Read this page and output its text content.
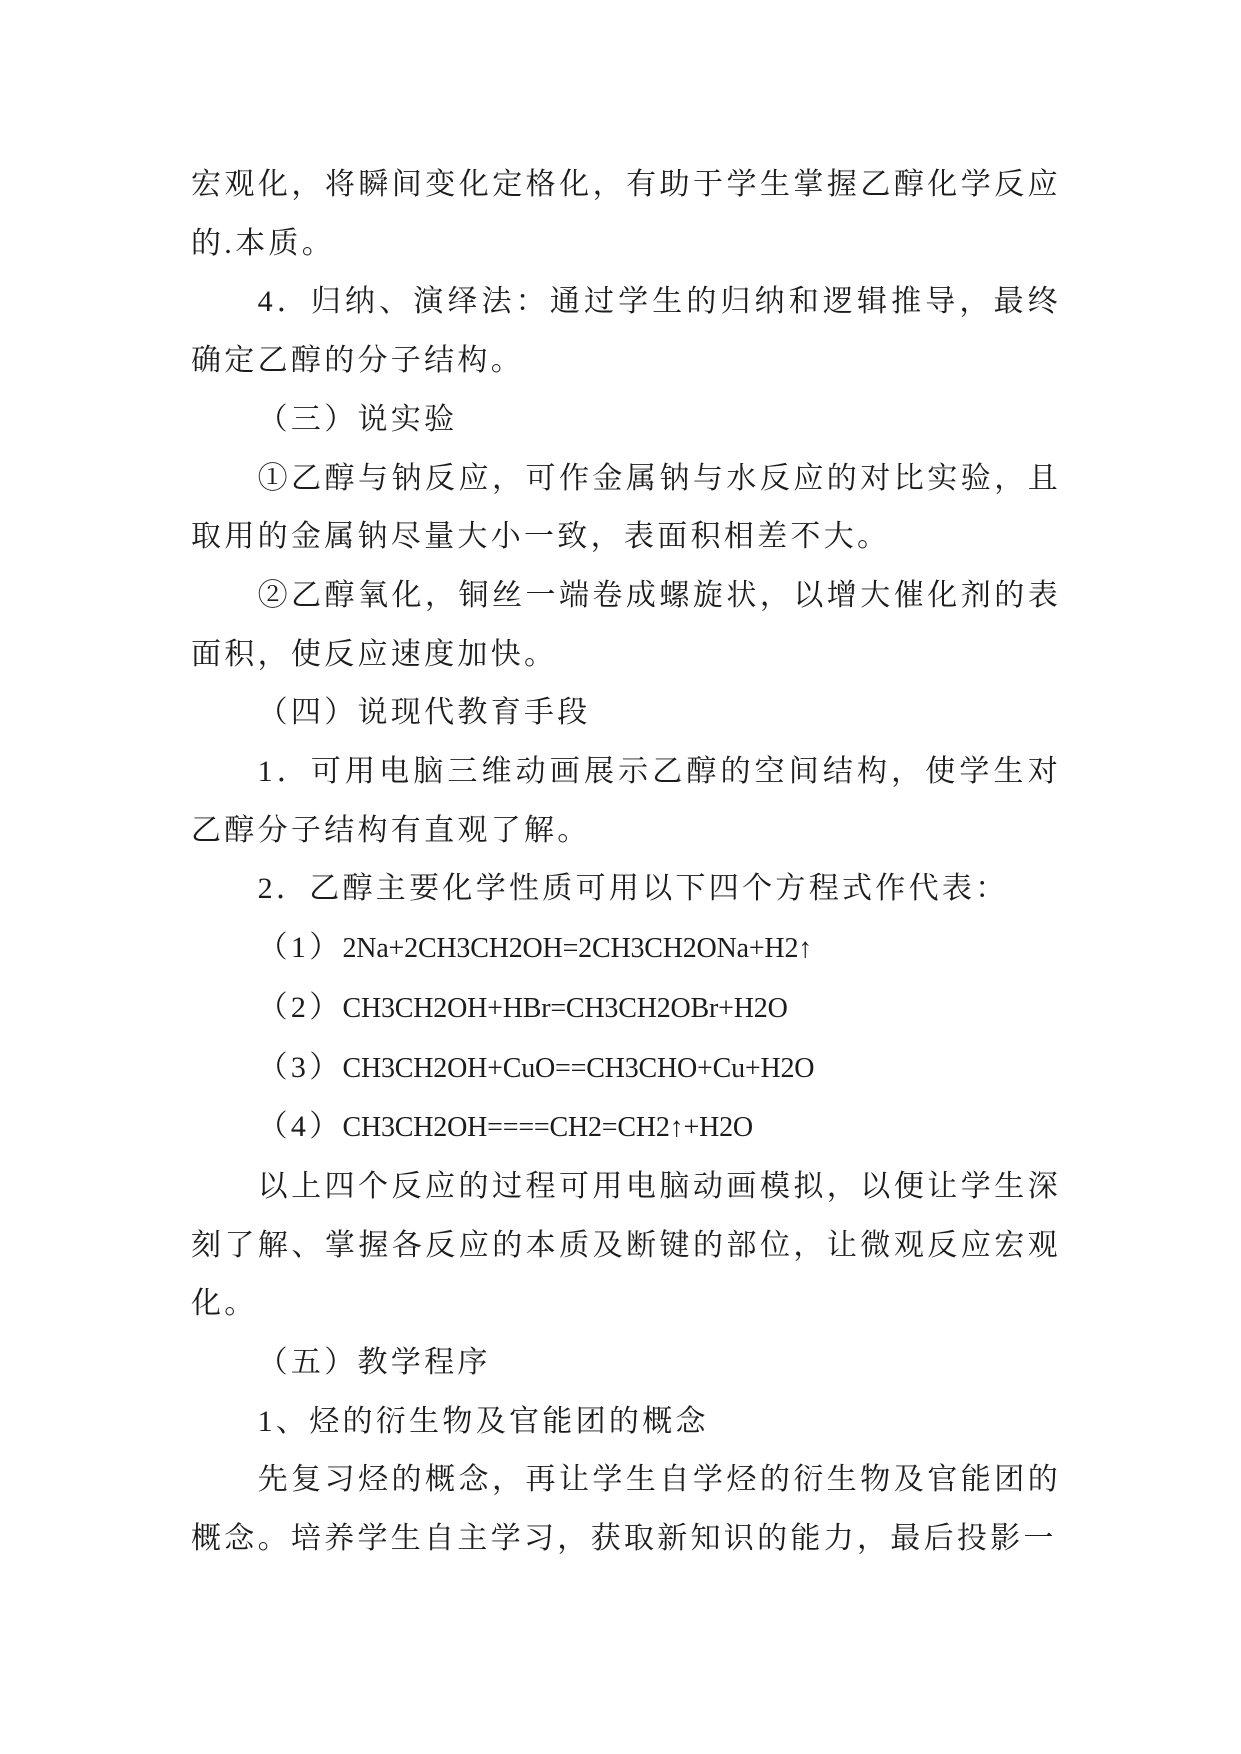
宏观化，将瞬间变化定格化，有助于学生掌握乙醇化学反应的.本质。

4．归纳、演绎法：通过学生的归纳和逻辑推导，最终确定乙醇的分子结构。

（三）说实验

①乙醇与钠反应，可作金属钠与水反应的对比实验，且取用的金属钠尽量大小一致，表面积相差不大。

②乙醇氧化，铜丝一端卷成螺旋状，以增大催化剂的表面积，使反应速度加快。

（四）说现代教育手段

1．可用电脑三维动画展示乙醇的空间结构，使学生对乙醇分子结构有直观了解。

2．乙醇主要化学性质可用以下四个方程式作代表：

（1）2Na+2CH3CH2OH=2CH3CH2ONa+H2↑

（2）CH3CH2OH+HBr=CH3CH2OBr+H2O

（3）CH3CH2OH+CuO==CH3CHO+Cu+H2O

（4）CH3CH2OH====CH2=CH2↑+H2O

以上四个反应的过程可用电脑动画模拟，以便让学生深刻了解、掌握各反应的本质及断键的部位，让微观反应宏观化。

（五）教学程序

1、烃的衍生物及官能团的概念

先复习烃的概念，再让学生自学烃的衍生物及官能团的概念。培养学生自主学习，获取新知识的能力，最后投影一
